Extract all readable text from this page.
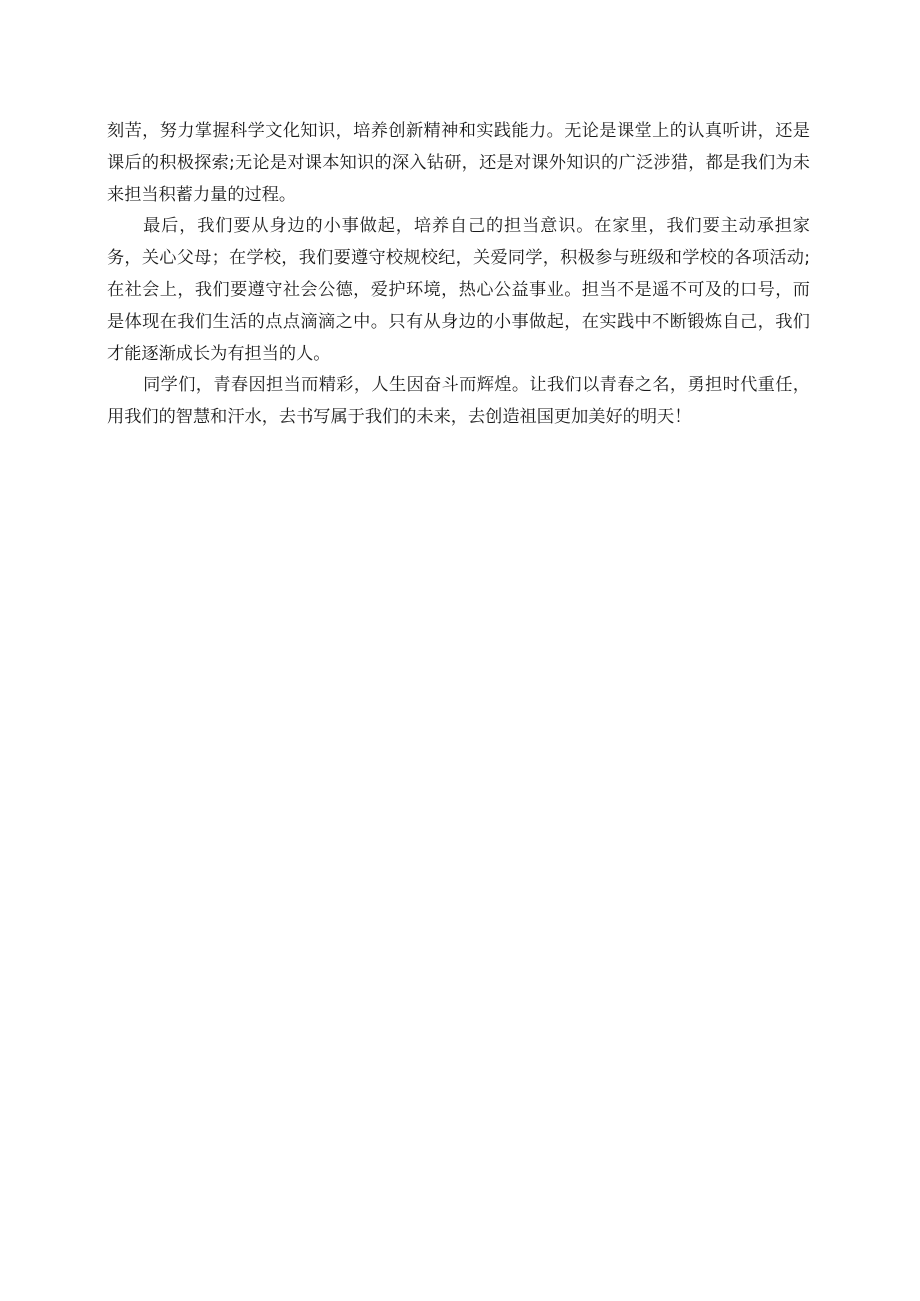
刻苦，努力掌握科学文化知识，培养创新精神和实践能力。无论是课堂上的认真听讲，还是课后的积极探索;无论是对课本知识的深入钻研，还是对课外知识的广泛涉猎，都是我们为未来担当积蓄力量的过程。

最后，我们要从身边的小事做起，培养自己的担当意识。在家里，我们要主动承担家务，关心父母；在学校，我们要遵守校规校纪，关爱同学，积极参与班级和学校的各项活动;在社会上，我们要遵守社会公德，爱护环境，热心公益事业。担当不是遥不可及的口号，而是体现在我们生活的点点滴滴之中。只有从身边的小事做起，在实践中不断锻炼自己，我们才能逐渐成长为有担当的人。

同学们，青春因担当而精彩，人生因奋斗而辉煌。让我们以青春之名，勇担时代重任，用我们的智慧和汗水，去书写属于我们的未来，去创造祖国更加美好的明天！
